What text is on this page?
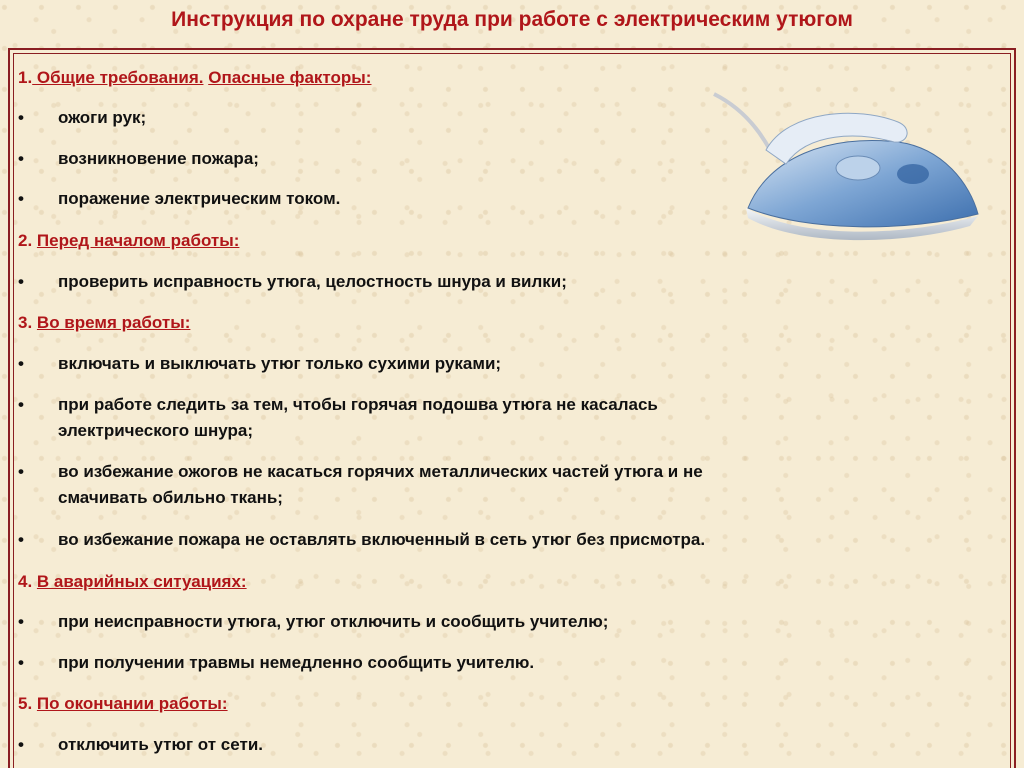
Инструкция по охране труда при работе с электрическим утюгом
1. Общие требования. Опасные факторы:
• ожоги рук;
• возникновение пожара;
• поражение электрическим током.
2. Перед началом работы:
• проверить исправность утюга, целостность шнура и вилки;
3. Во время работы:
• включать и выключать утюг только сухими руками;
• при работе следить за тем, чтобы горячая подошва утюга не касалась
электрического шнура;
• во избежание ожогов не касаться горячих металлических частей утюга и не
смачивать обильно ткань;
• во избежание пожара не оставлять включенный в сеть утюг без присмотра.
4. В аварийных ситуациях:
• при неисправности утюга, утюг отключить и сообщить учителю;
• при получении травмы немедленно сообщить учителю.
5. По окончании работы:
• отключить утюг от сети.
